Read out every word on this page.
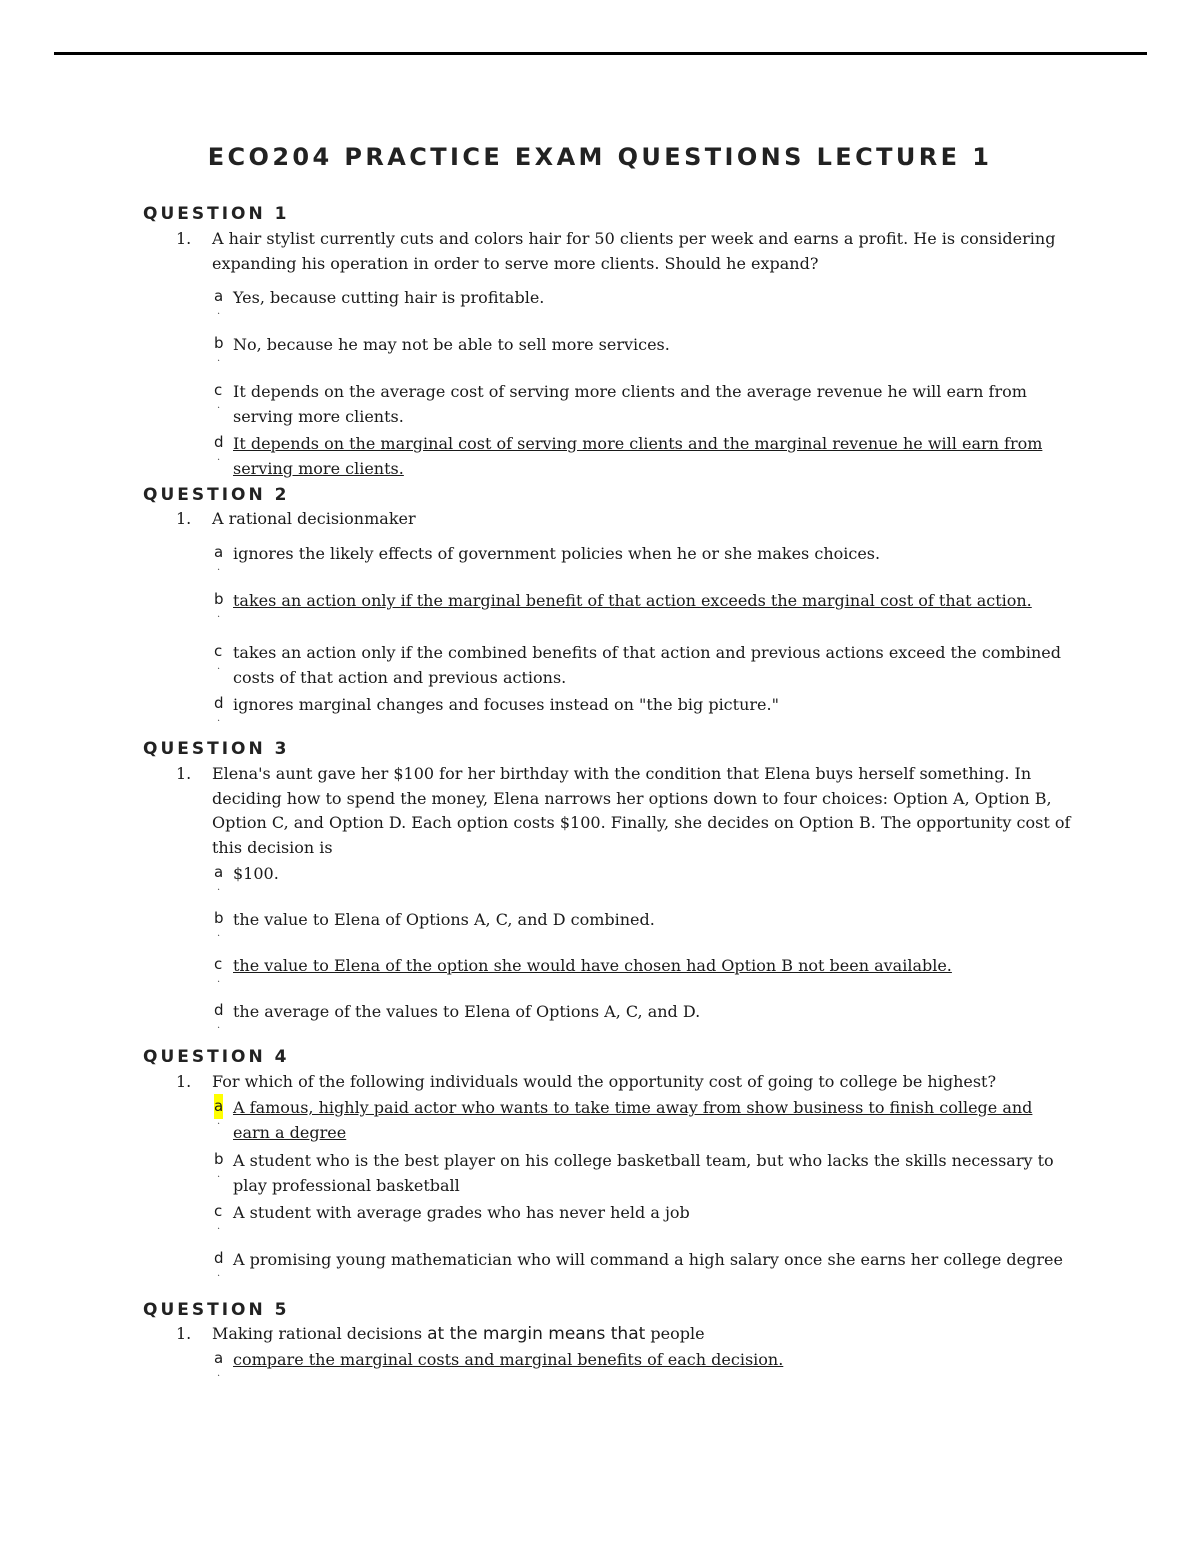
ECO204 PRACTICE EXAM QUESTIONS LECTURE 1
QUESTION 1
1. A hair stylist currently cuts and colors hair for 50 clients per week and earns a profit. He is considering expanding his operation in order to serve more clients. Should he expand?
a
·
Yes, because cutting hair is profitable.
b
·
No, because he may not be able to sell more services.
c
·
It depends on the average cost of serving more clients and the average revenue he will earn from serving more clients.
d
·
It depends on the marginal cost of serving more clients and the marginal revenue he will earn from serving more clients.
QUESTION 2
1. A rational decisionmaker
a
·
ignores the likely effects of government policies when he or she makes choices.
b
·
takes an action only if the marginal benefit of that action exceeds the marginal cost of that action.
c
·
takes an action only if the combined benefits of that action and previous actions exceed the combined costs of that action and previous actions.
d
·
ignores marginal changes and focuses instead on "the big picture."
QUESTION 3
1. Elena's aunt gave her $100 for her birthday with the condition that Elena buys herself something. In deciding how to spend the money, Elena narrows her options down to four choices: Option A, Option B, Option C, and Option D. Each option costs $100. Finally, she decides on Option B. The opportunity cost of this decision is
a
·
$100.
b
·
the value to Elena of Options A, C, and D combined.
c
·
the value to Elena of the option she would have chosen had Option B not been available.
d
·
the average of the values to Elena of Options A, C, and D.
QUESTION 4
1. For which of the following individuals would the opportunity cost of going to college be highest?
a
·
A famous, highly paid actor who wants to take time away from show business to finish college and earn a degree
b
·
A student who is the best player on his college basketball team, but who lacks the skills necessary to play professional basketball
c
·
A student with average grades who has never held a job
d
·
A promising young mathematician who will command a high salary once she earns her college degree
QUESTION 5
1. Making rational decisions at the margin means that people
a
·
compare the marginal costs and marginal benefits of each decision.
